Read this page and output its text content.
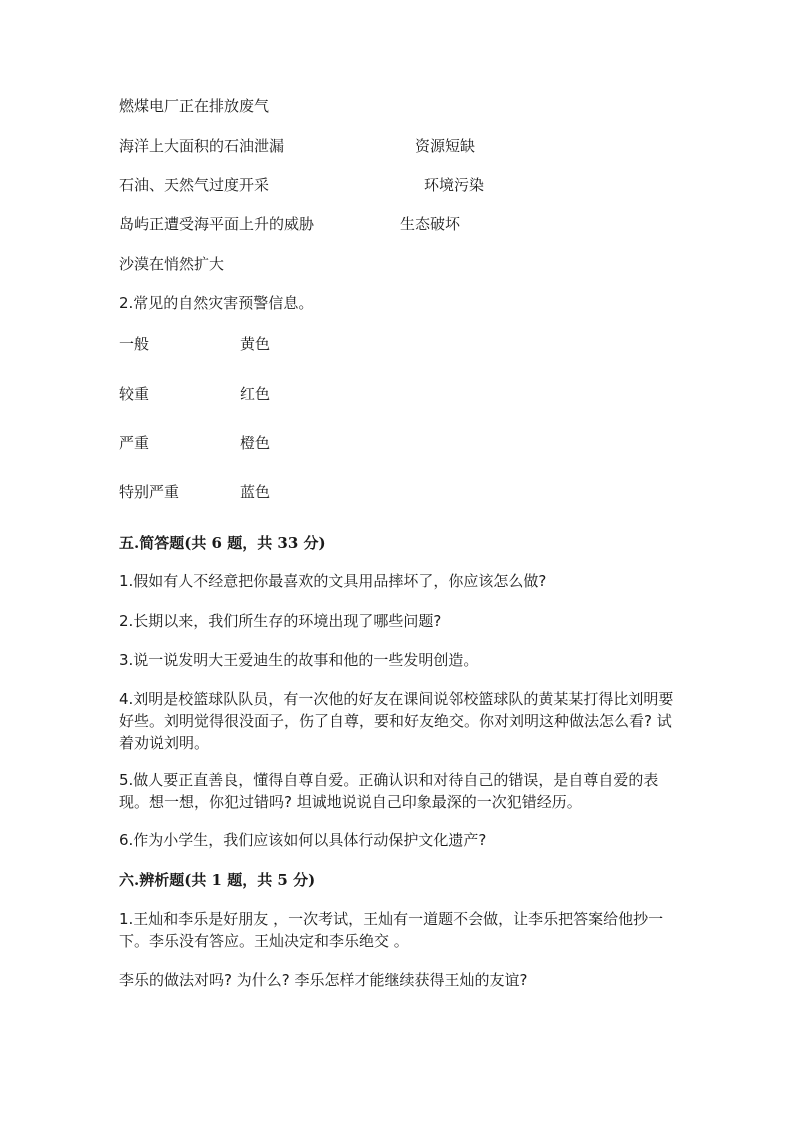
燃煤电厂正在排放废气
海洋上大面积的石油泄漏	资源短缺
石油、天然气过度开采	环境污染
岛屿正遭受海平面上升的威胁	生态破坏
沙漠在悄然扩大
2.常见的自然灾害预警信息。
一般	黄色
较重	红色
严重	橙色
特别严重	蓝色
五.简答题(共 6 题，共 33 分)
1.假如有人不经意把你最喜欢的文具用品摔坏了，你应该怎么做?
2.长期以来，我们所生存的环境出现了哪些问题?
3.说一说发明大王爱迪生的故事和他的一些发明创造。
4.刘明是校篮球队队员，有一次他的好友在课间说邻校篮球队的黄某某打得比刘明要好些。刘明觉得很没面子，伤了自尊，要和好友绝交。你对刘明这种做法怎么看? 试着劝说刘明。
5.做人要正直善良，懂得自尊自爱。正确认识和对待自己的错误，是自尊自爱的表现。想一想，你犯过错吗? 坦诚地说说自己印象最深的一次犯错经历。
6.作为小学生，我们应该如何以具体行动保护文化遗产?
六.辨析题(共 1 题，共 5 分)
1.王灿和李乐是好朋友 ，一次考试，王灿有一道题不会做，让李乐把答案给他抄一下。李乐没有答应。王灿决定和李乐绝交 。
李乐的做法对吗? 为什么? 李乐怎样才能继续获得王灿的友谊?
